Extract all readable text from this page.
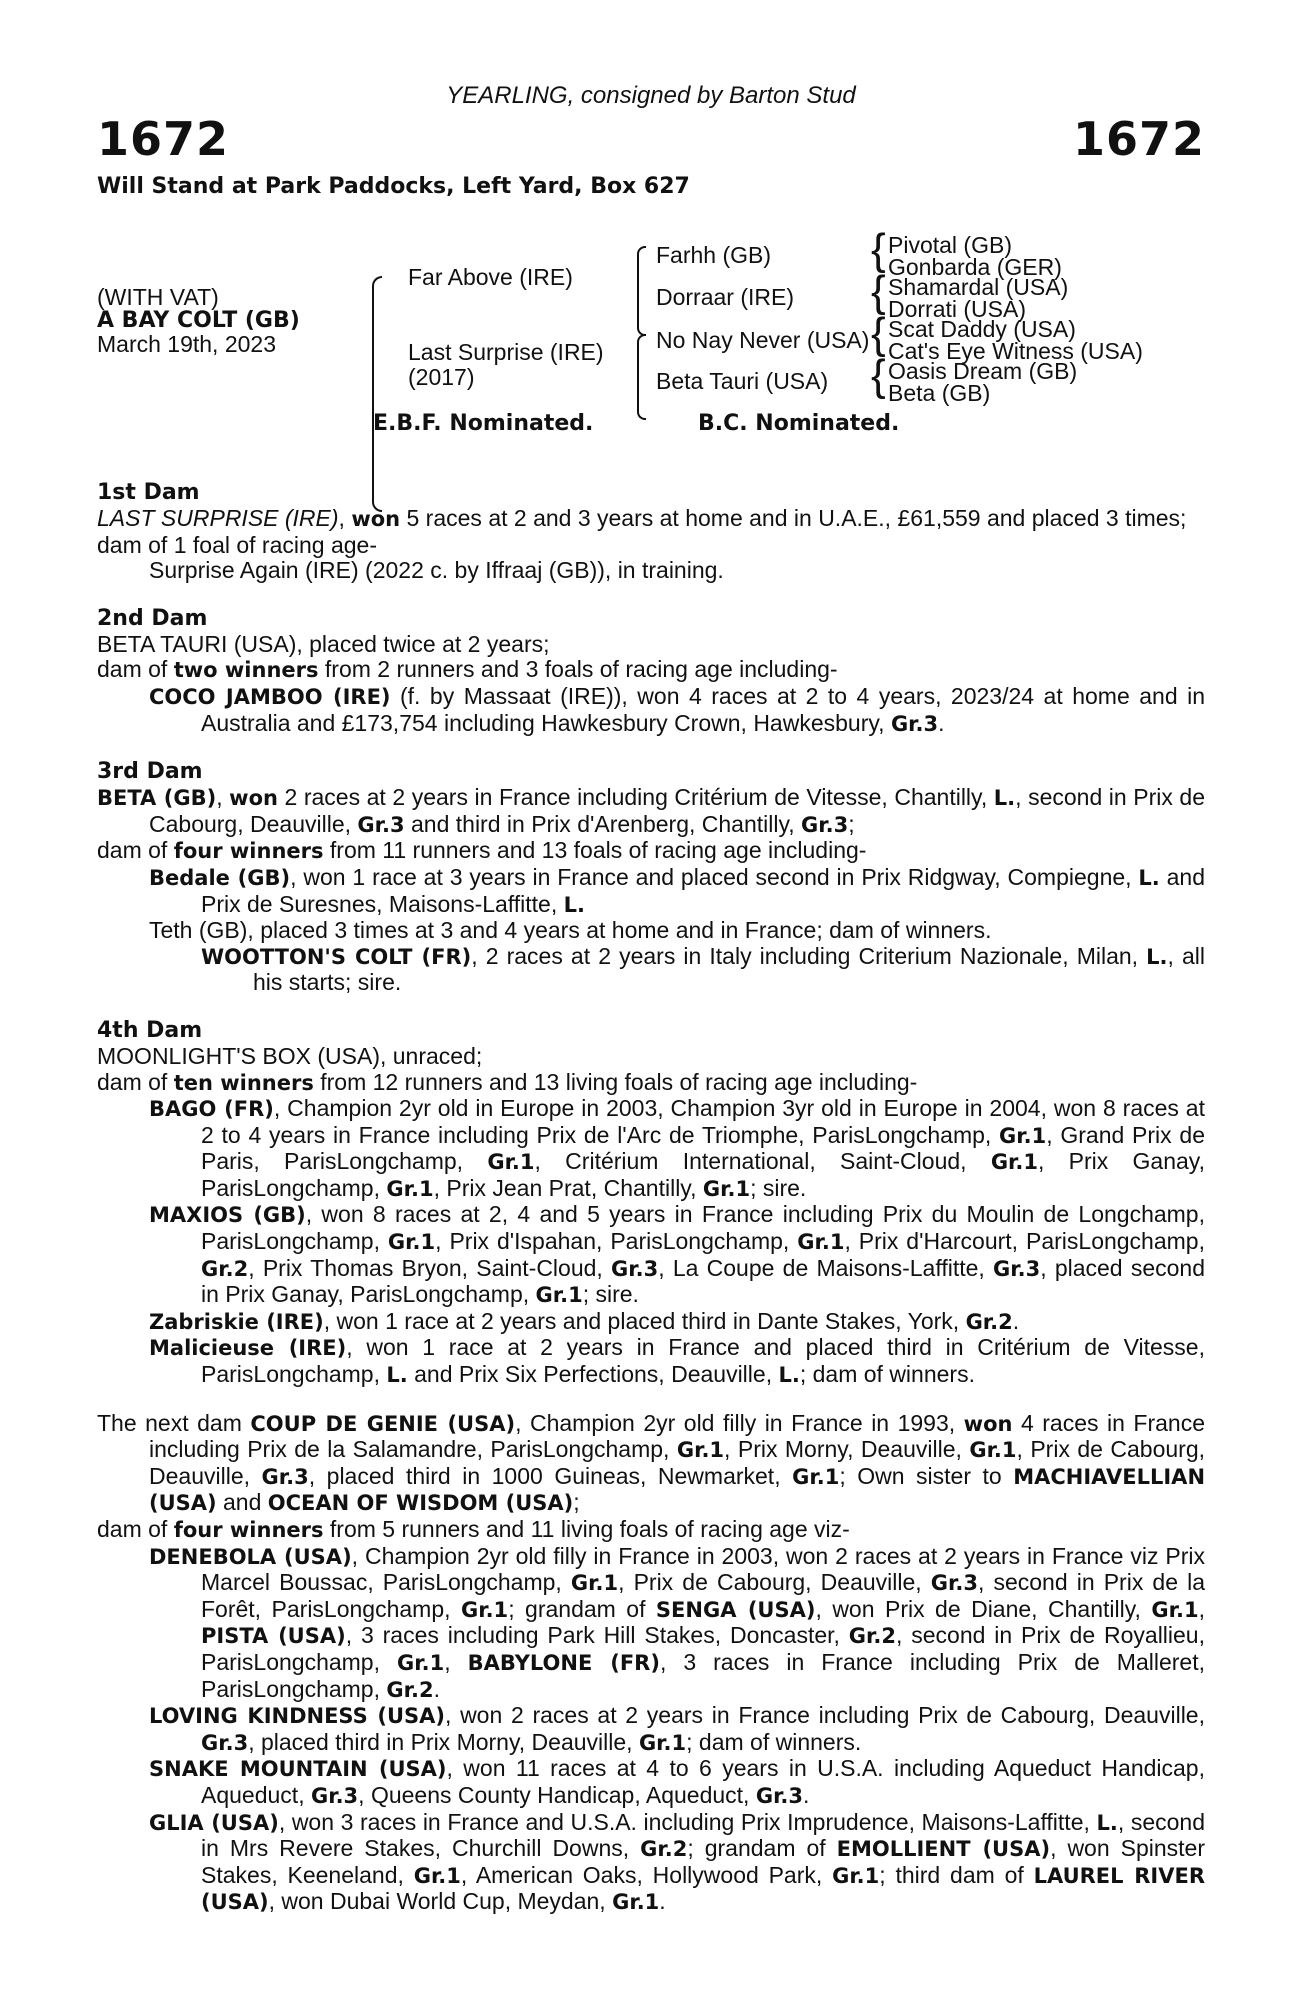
YEARLING, consigned by Barton Stud
1672	1672
Will Stand at Park Paddocks, Left Yard, Box 627
(WITH VAT)
A BAY COLT (GB)
March 19th, 2023
Far Above (IRE)
Last Surprise (IRE)
(2017)
Farhh (GB)
Dorraar (IRE)
No Nay Never (USA)
Beta Tauri (USA)
{
{
{
{
Pivotal (GB)
Gonbarda (GER)
Shamardal (USA)
Dorrati (USA)
Scat Daddy (USA)
Cat's Eye Witness (USA)
Oasis Dream (GB)
Beta (GB)
E.B.F. Nominated.	B.C. Nominated.
1st Dam
LAST SURPRISE (IRE), won 5 races at 2 and 3 years at home and in U.A.E., £61,559 and placed 3 times;
dam of 1 foal of racing age-
Surprise Again (IRE) (2022 c. by Iffraaj (GB)), in training.
2nd Dam
BETA TAURI (USA), placed twice at 2 years;
dam of two winners from 2 runners and 3 foals of racing age including-
COCO JAMBOO (IRE) (f. by Massaat (IRE)), won 4 races at 2 to 4 years, 2023/24 at home and in Australia and £173,754 including Hawkesbury Crown, Hawkesbury, Gr.3.
3rd Dam
BETA (GB), won 2 races at 2 years in France including Critérium de Vitesse, Chantilly, L., second in Prix de Cabourg, Deauville, Gr.3 and third in Prix d'Arenberg, Chantilly, Gr.3;
dam of four winners from 11 runners and 13 foals of racing age including-
Bedale (GB), won 1 race at 3 years in France and placed second in Prix Ridgway, Compiegne, L. and Prix de Suresnes, Maisons-Laffitte, L.
Teth (GB), placed 3 times at 3 and 4 years at home and in France; dam of winners.
WOOTTON'S COLT (FR), 2 races at 2 years in Italy including Criterium Nazionale, Milan, L., all his starts; sire.
4th Dam
MOONLIGHT'S BOX (USA), unraced;
dam of ten winners from 12 runners and 13 living foals of racing age including-
BAGO (FR), Champion 2yr old in Europe in 2003, Champion 3yr old in Europe in 2004, won 8 races at 2 to 4 years in France including Prix de l'Arc de Triomphe, ParisLongchamp, Gr.1, Grand Prix de Paris, ParisLongchamp, Gr.1, Critérium International, Saint-Cloud, Gr.1, Prix Ganay, ParisLongchamp, Gr.1, Prix Jean Prat, Chantilly, Gr.1; sire.
MAXIOS (GB), won 8 races at 2, 4 and 5 years in France including Prix du Moulin de Longchamp, ParisLongchamp, Gr.1, Prix d'Ispahan, ParisLongchamp, Gr.1, Prix d'Harcourt, ParisLongchamp, Gr.2, Prix Thomas Bryon, Saint-Cloud, Gr.3, La Coupe de Maisons-Laffitte, Gr.3, placed second in Prix Ganay, ParisLongchamp, Gr.1; sire.
Zabriskie (IRE), won 1 race at 2 years and placed third in Dante Stakes, York, Gr.2.
Malicieuse (IRE), won 1 race at 2 years in France and placed third in Critérium de Vitesse, ParisLongchamp, L. and Prix Six Perfections, Deauville, L.; dam of winners.
The next dam COUP DE GENIE (USA), Champion 2yr old filly in France in 1993, won 4 races in France including Prix de la Salamandre, ParisLongchamp, Gr.1, Prix Morny, Deauville, Gr.1, Prix de Cabourg, Deauville, Gr.3, placed third in 1000 Guineas, Newmarket, Gr.1; Own sister to MACHIAVELLIAN (USA) and OCEAN OF WISDOM (USA);
dam of four winners from 5 runners and 11 living foals of racing age viz-
DENEBOLA (USA), Champion 2yr old filly in France in 2003, won 2 races at 2 years in France viz Prix Marcel Boussac, ParisLongchamp, Gr.1, Prix de Cabourg, Deauville, Gr.3, second in Prix de la Forêt, ParisLongchamp, Gr.1; grandam of SENGA (USA), won Prix de Diane, Chantilly, Gr.1, PISTA (USA), 3 races including Park Hill Stakes, Doncaster, Gr.2, second in Prix de Royallieu, ParisLongchamp, Gr.1, BABYLONE (FR), 3 races in France including Prix de Malleret, ParisLongchamp, Gr.2.
LOVING KINDNESS (USA), won 2 races at 2 years in France including Prix de Cabourg, Deauville, Gr.3, placed third in Prix Morny, Deauville, Gr.1; dam of winners.
SNAKE MOUNTAIN (USA), won 11 races at 4 to 6 years in U.S.A. including Aqueduct Handicap, Aqueduct, Gr.3, Queens County Handicap, Aqueduct, Gr.3.
GLIA (USA), won 3 races in France and U.S.A. including Prix Imprudence, Maisons-Laffitte, L., second in Mrs Revere Stakes, Churchill Downs, Gr.2; grandam of EMOLLIENT (USA), won Spinster Stakes, Keeneland, Gr.1, American Oaks, Hollywood Park, Gr.1; third dam of LAUREL RIVER (USA), won Dubai World Cup, Meydan, Gr.1.
